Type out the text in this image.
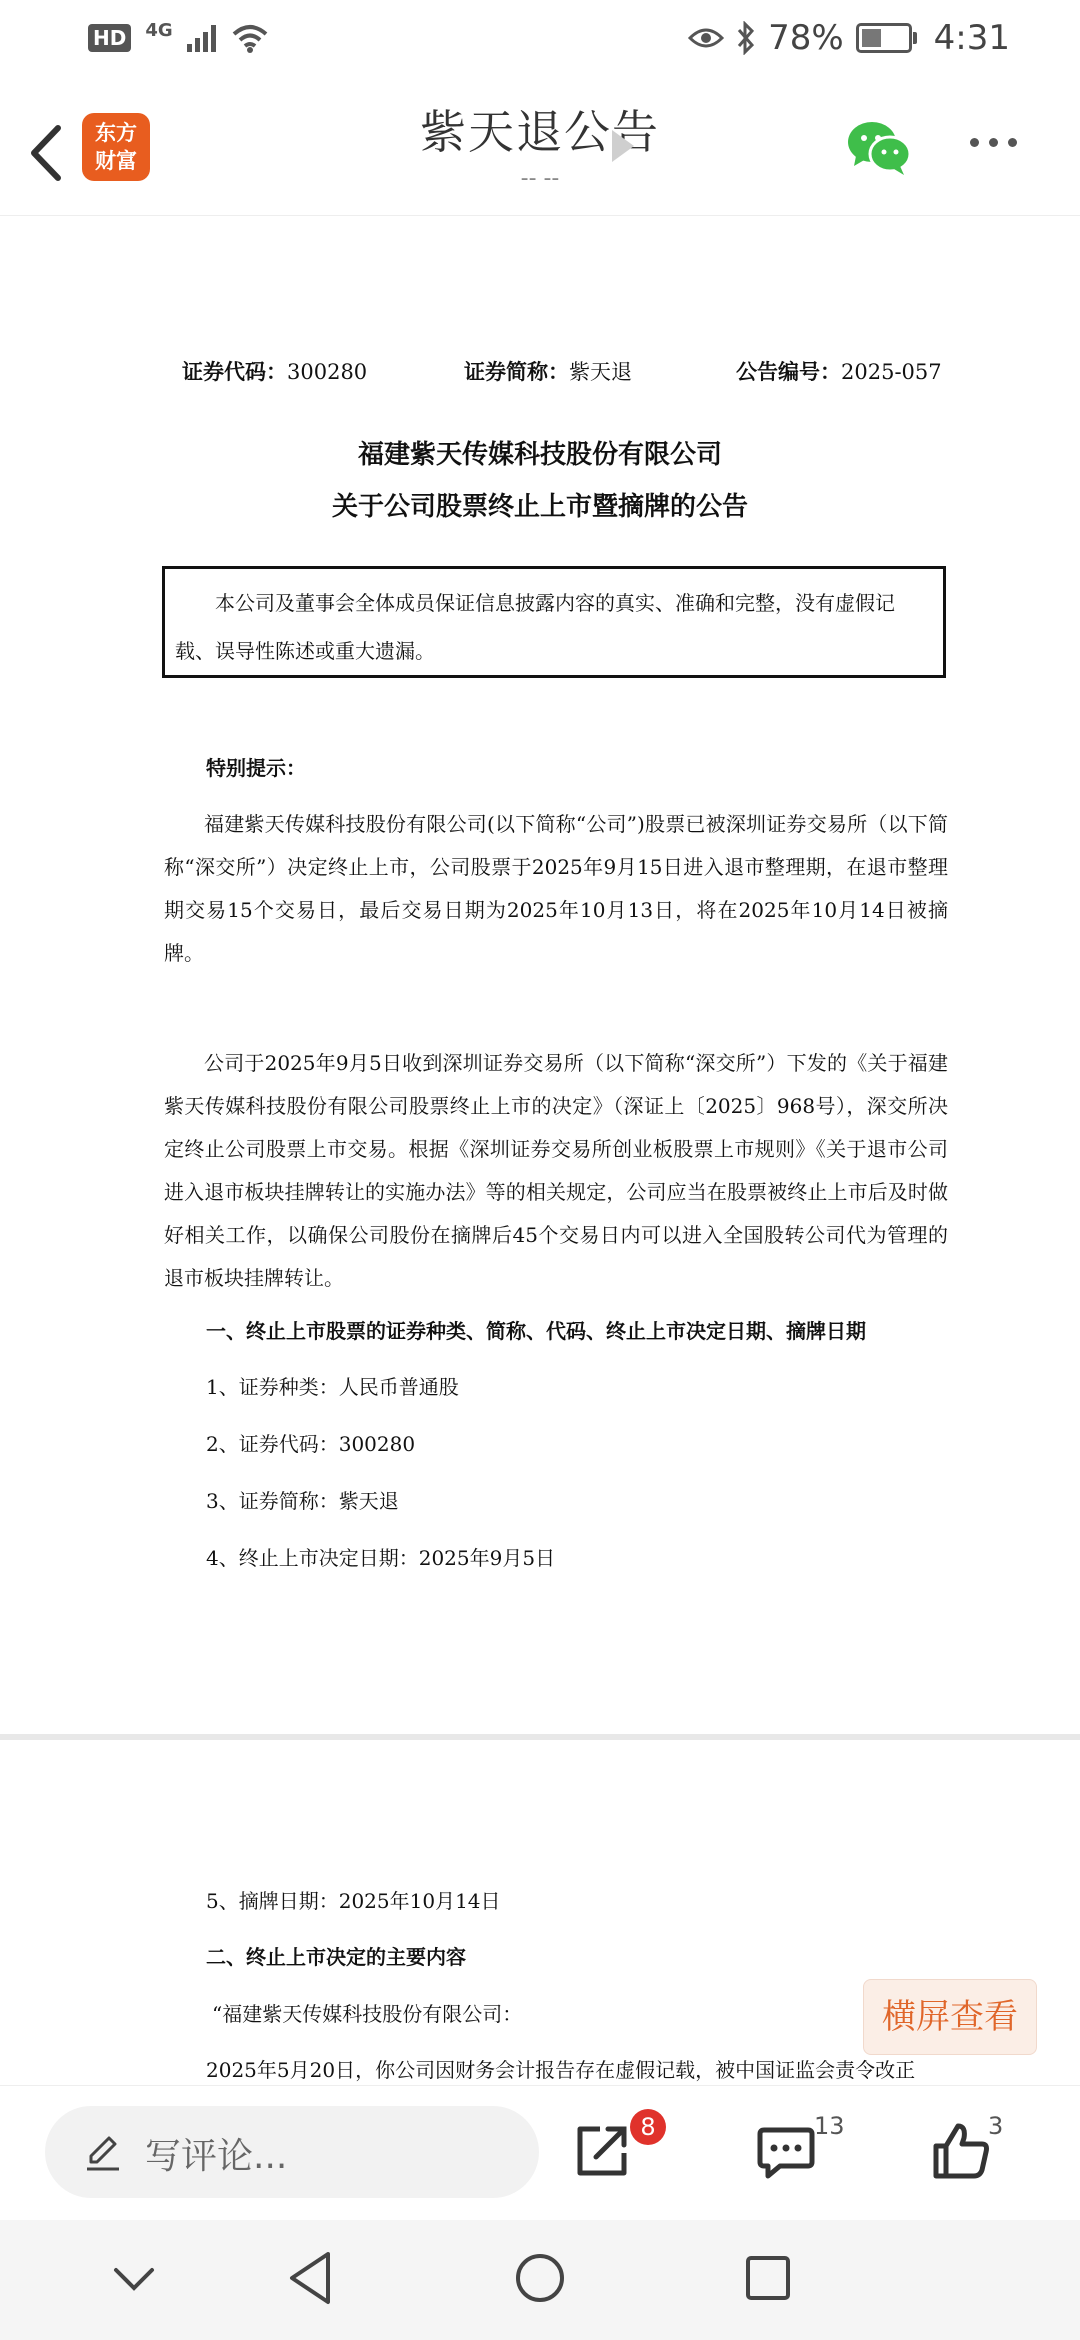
HD 4G	78%	4:31
东方
财富
紫天退公告
-- --
证券代码：300280	证券简称：紫天退	公告编号：2025-057
福建紫天传媒科技股份有限公司
关于公司股票终止上市暨摘牌的公告
本公司及董事会全体成员保证信息披露内容的真实、准确和完整，没有虚假记载、误导性陈述或重大遗漏。
特别提示：

福建紫天传媒科技股份有限公司(以下简称“公司”)股票已被深圳证券交易所（以下简称“深交所”）决定终止上市，公司股票于2025年9月15日进入退市整理期，在退市整理期交易15个交易日，最后交易日期为2025年10月13日，将在2025年10月14日被摘牌。

公司于2025年9月5日收到深圳证券交易所（以下简称“深交所”）下发的《关于福建紫天传媒科技股份有限公司股票终止上市的决定》（深证上〔2025〕968号），深交所决定终止公司股票上市交易。根据《深圳证券交易所创业板股票上市规则》《关于退市公司进入退市板块挂牌转让的实施办法》等的相关规定，公司应当在股票被终止上市后及时做好相关工作，以确保公司股份在摘牌后45个交易日内可以进入全国股转公司代为管理的退市板块挂牌转让。

一、终止上市股票的证券种类、简称、代码、终止上市决定日期、摘牌日期
1、证券种类：人民币普通股
2、证券代码：300280
3、证券简称：紫天退
4、终止上市决定日期：2025年9月5日
5、摘牌日期：2025年10月14日
二、终止上市决定的主要内容
“福建紫天传媒科技股份有限公司：
2025年5月20日，你公司因财务会计报告存在虚假记载，被中国证监会责令改正
横屏查看
写评论...
8	13	3
